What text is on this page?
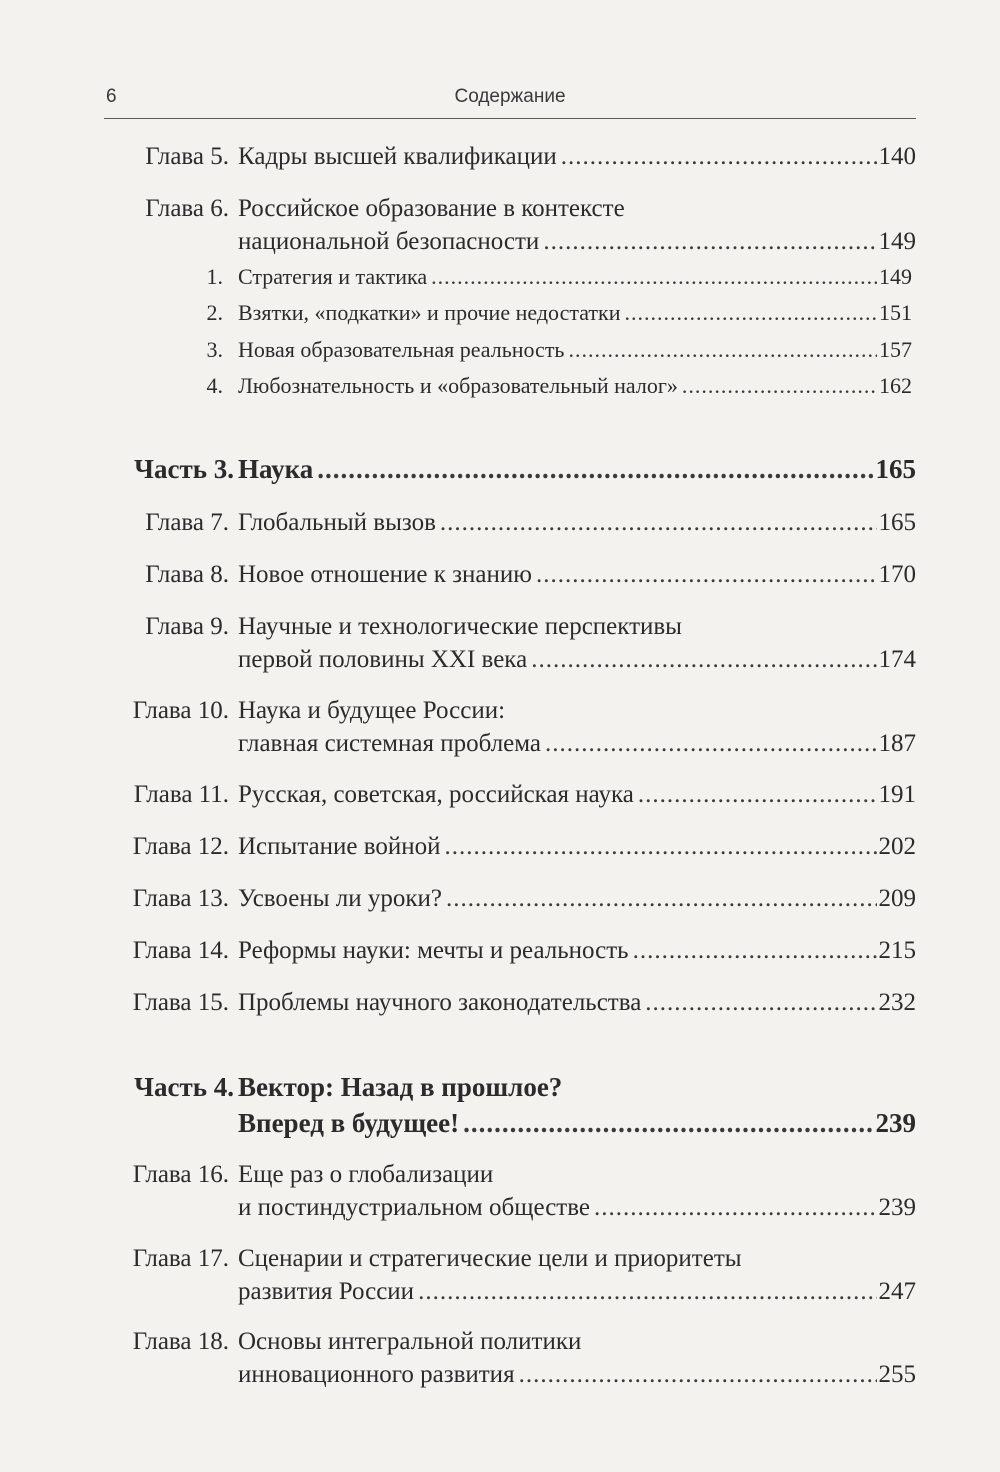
6	Содержание
Глава 5. Кадры высшей квалификации .....	140
Глава 6. Российское образование в контексте
национальной безопасности .....	149
1. Стратегия и тактика .....	149
2. Взятки, «подкатки» и прочие недостатки .....	151
3. Новая образовательная реальность .....	157
4. Любознательность и «образовательный налог» .....	162
Часть 3. Наука .....	165
Глава 7. Глобальный вызов .....	165
Глава 8. Новое отношение к знанию .....	170
Глава 9. Научные и технологические перспективы
первой половины XXI века .....	174
Глава 10. Наука и будущее России:
главная системная проблема .....	187
Глава 11. Русская, советская, российская наука .....	191
Глава 12. Испытание войной .....	202
Глава 13. Усвоены ли уроки? .....	209
Глава 14. Реформы науки: мечты и реальность .....	215
Глава 15. Проблемы научного законодательства .....	232
Часть 4. Вектор: Назад в прошлое?
Вперед в будущее! .....	239
Глава 16. Еще раз о глобализации
и постиндустриальном обществе .....	239
Глава 17. Сценарии и стратегические цели и приоритеты
развития России .....	247
Глава 18. Основы интегральной политики
инновационного развития .....	255
